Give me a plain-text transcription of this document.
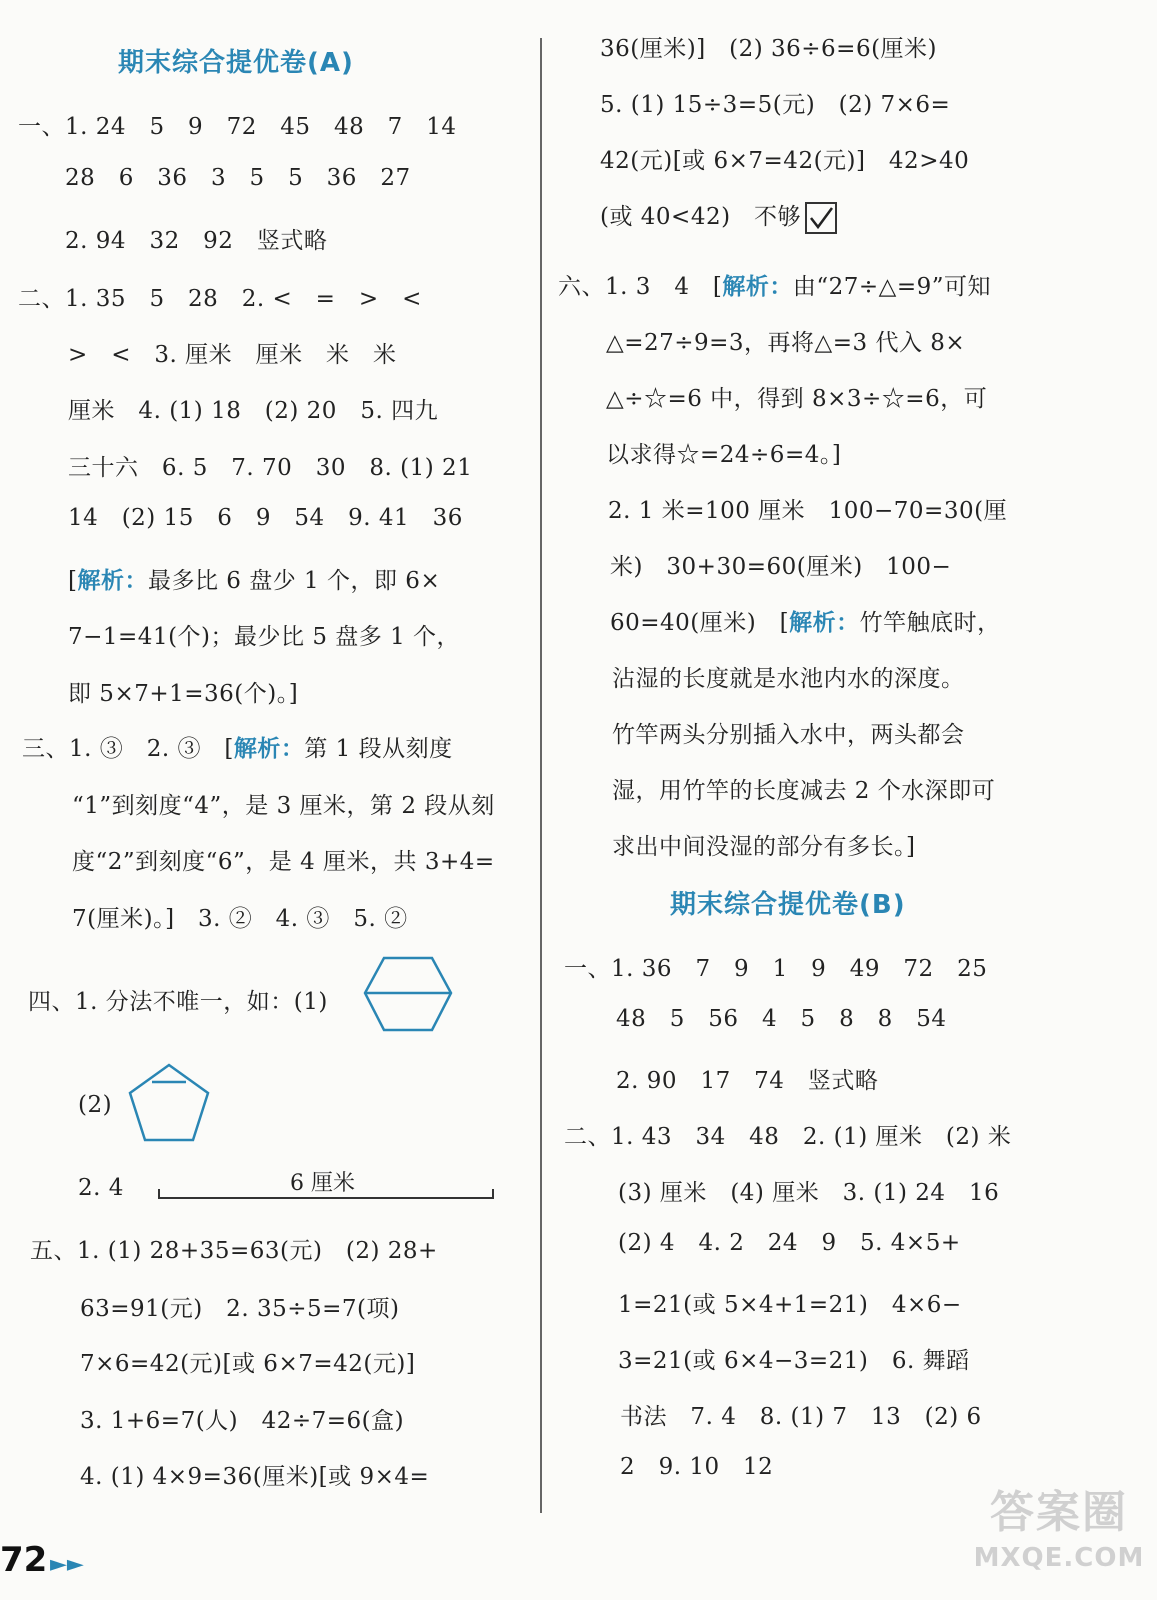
期末综合提优卷(A)
一、1. 24   5   9   72   45   48   7   14
28   6   36   3   5   5   36   27
2. 94   32   92   竖式略
二、1. 35   5   28   2. <   =   >   <
>   <   3. 厘米   厘米   米   米
厘米   4. (1) 18   (2) 20   5. 四九
三十六   6. 5   7. 70   30   8. (1) 21
14   (2) 15   6   9   54   9. 41   36
[解析：最多比 6 盘少 1 个，即 6×
7−1=41(个)；最少比 5 盘多 1 个，
即 5×7+1=36(个)。]
三、1. ③   2. ③   [解析：第 1 段从刻度
“1”到刻度“4”，是 3 厘米，第 2 段从刻
度“2”到刻度“6”，是 4 厘米，共 3+4=
7(厘米)。]   3. ②   4. ③   5. ②
四、1. 分法不唯一，如：(1)
(2)
2. 4	6 厘米
五、1. (1) 28+35=63(元)   (2) 28+
63=91(元)   2. 35÷5=7(项)
7×6=42(元)[或 6×7=42(元)]
3. 1+6=7(人)   42÷7=6(盒)
4. (1) 4×9=36(厘米)[或 9×4=
36(厘米)]   (2) 36÷6=6(厘米)
5. (1) 15÷3=5(元)   (2) 7×6=
42(元)[或 6×7=42(元)]   42>40
(或 40<42)   不够
六、1. 3   4   [解析：由“27÷△=9”可知
△=27÷9=3，再将△=3 代入 8×
△÷☆=6 中，得到 8×3÷☆=6，可
以求得☆=24÷6=4。]
2. 1 米=100 厘米   100−70=30(厘
米)   30+30=60(厘米)   100−
60=40(厘米)   [解析：竹竿触底时，
沾湿的长度就是水池内水的深度。
竹竿两头分别插入水中，两头都会
湿，用竹竿的长度减去 2 个水深即可
求出中间没湿的部分有多长。]
期末综合提优卷(B)
一、1. 36   7   9   1   9   49   72   25
48   5   56   4   5   8   8   54
2. 90   17   74   竖式略
二、1. 43   34   48   2. (1) 厘米   (2) 米
(3) 厘米   (4) 厘米   3. (1) 24   16
(2) 4   4. 2   24   9   5. 4×5+
1=21(或 5×4+1=21)   4×6−
3=21(或 6×4−3=21)   6. 舞蹈
书法   7. 4   8. (1) 7   13   (2) 6
2   9. 10   12
72 ►►
答案圈
MXQE.COM
